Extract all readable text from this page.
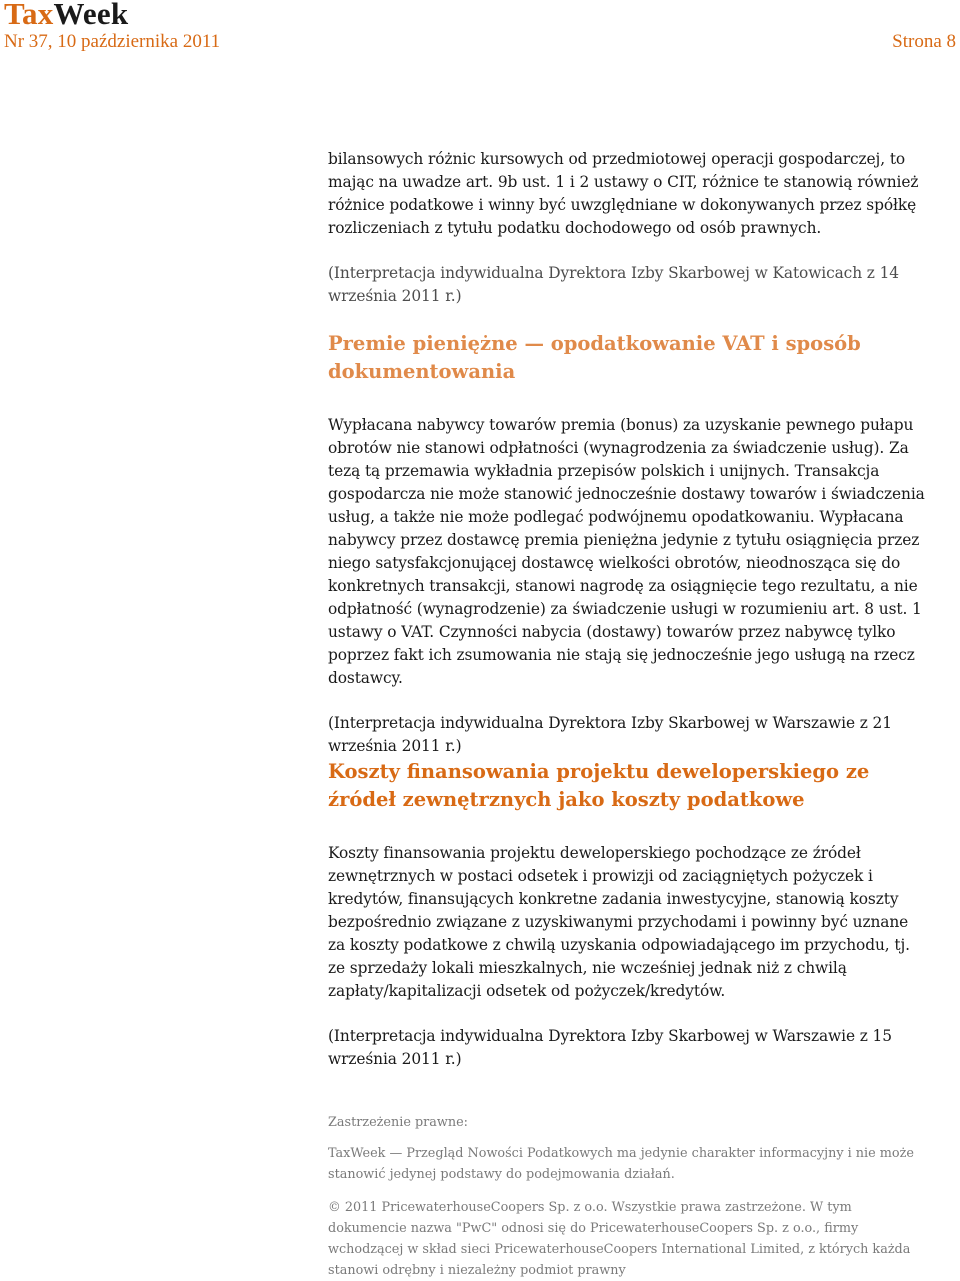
TaxWeek
Nr 37, 10 października 2011	Strona 8

bilansowych różnic kursowych od przedmiotowej operacji gospodarczej, to mając na uwadze art. 9b ust. 1 i 2 ustawy o CIT, różnice te stanowią również różnice podatkowe i winny być uwzględniane w dokonywanych przez spółkę rozliczeniach z tytułu podatku dochodowego od osób prawnych.

(Interpretacja indywidualna Dyrektora Izby Skarbowej w Katowicach z 14 września 2011 r.)

Premie pieniężne — opodatkowanie VAT i sposób dokumentowania

Wypłacana nabywcy towarów premia (bonus) za uzyskanie pewnego pułapu obrotów nie stanowi odpłatności (wynagrodzenia za świadczenie usług). Za tezą tą przemawia wykładnia przepisów polskich i unijnych. Transakcja gospodarcza nie może stanowić jednocześnie dostawy towarów i świadczenia usług, a także nie może podlegać podwójnemu opodatkowaniu. Wypłacana nabywcy przez dostawcę premia pieniężna jedynie z tytułu osiągnięcia przez niego satysfakcjonującej dostawcę wielkości obrotów, nieodnosząca się do konkretnych transakcji, stanowi nagrodę za osiągnięcie tego rezultatu, a nie odpłatność (wynagrodzenie) za świadczenie usługi w rozumieniu art. 8 ust. 1 ustawy o VAT. Czynności nabycia (dostawy) towarów przez nabywcę tylko poprzez fakt ich zsumowania nie stają się jednocześnie jego usługą na rzecz dostawcy.

(Interpretacja indywidualna Dyrektora Izby Skarbowej w Warszawie z 21 września 2011 r.)

Koszty finansowania projektu deweloperskiego ze źródeł zewnętrznych jako koszty podatkowe

Koszty finansowania projektu deweloperskiego pochodzące ze źródeł zewnętrznych w postaci odsetek i prowizji od zaciągniętych pożyczek i kredytów, finansujących konkretne zadania inwestycyjne, stanowią koszty bezpośrednio związane z uzyskiwanymi przychodami i powinny być uznane za koszty podatkowe z chwilą uzyskania odpowiadającego im przychodu, tj. ze sprzedaży lokali mieszkalnych, nie wcześniej jednak niż z chwilą zapłaty/kapitalizacji odsetek od pożyczek/kredytów.

(Interpretacja indywidualna Dyrektora Izby Skarbowej w Warszawie z 15 września 2011 r.)

Zastrzeżenie prawne:
TaxWeek — Przegląd Nowości Podatkowych ma jedynie charakter informacyjny i nie może stanowić jedynej podstawy do podejmowania działań.
© 2011 PricewaterhouseCoopers Sp. z o.o. Wszystkie prawa zastrzeżone. W tym dokumencie nazwa "PwC" odnosi się do PricewaterhouseCoopers Sp. z o.o., firmy wchodzącej w skład sieci PricewaterhouseCoopers International Limited, z których każda stanowi odrębny i niezależny podmiot prawny
